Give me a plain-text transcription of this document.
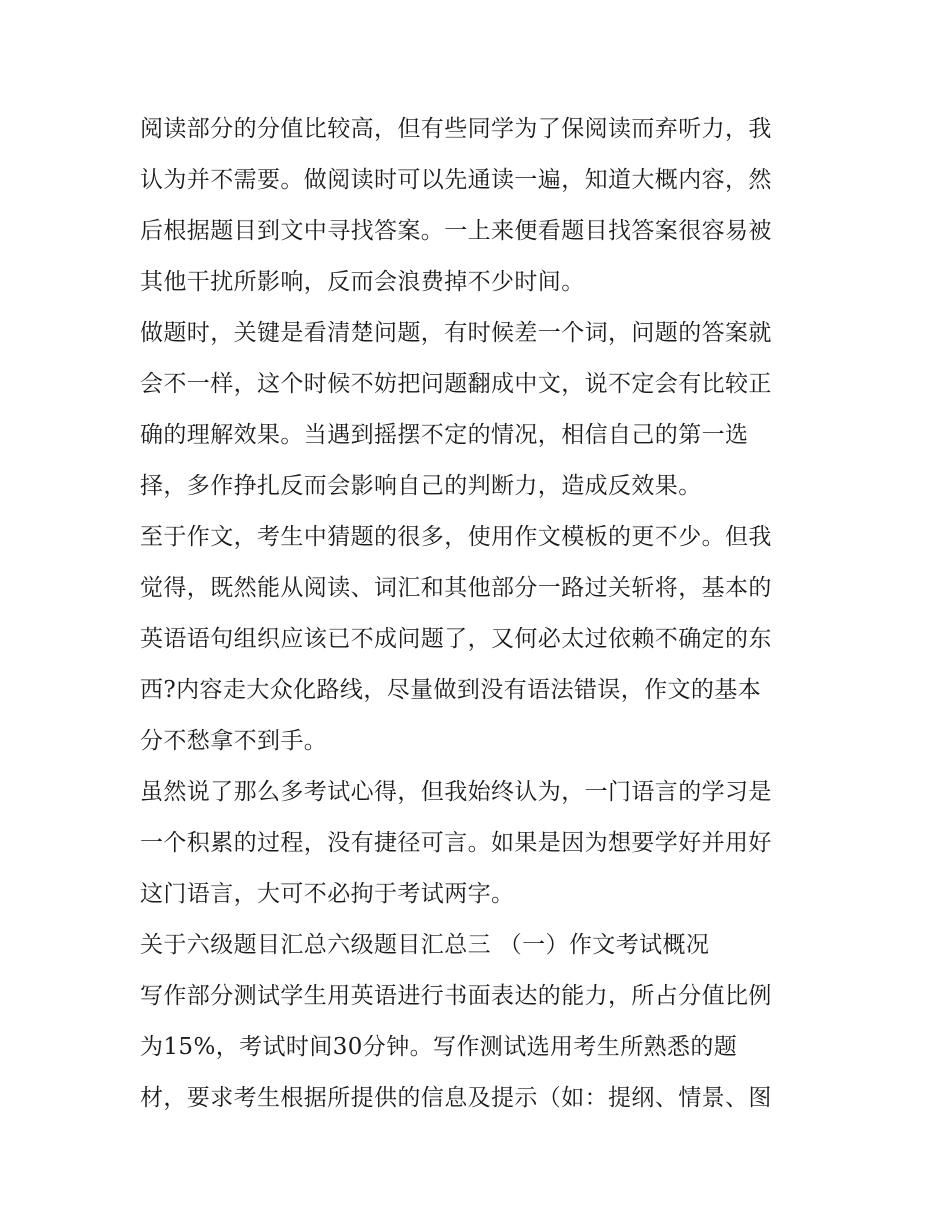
阅读部分的分值比较高，但有些同学为了保阅读而弃听力，我
认为并不需要。做阅读时可以先通读一遍，知道大概内容，然
后根据题目到文中寻找答案。一上来便看题目找答案很容易被
其他干扰所影响，反而会浪费掉不少时间。
做题时，关键是看清楚问题，有时候差一个词，问题的答案就
会不一样，这个时候不妨把问题翻成中文，说不定会有比较正
确的理解效果。当遇到摇摆不定的情况，相信自己的第一选
择，多作挣扎反而会影响自己的判断力，造成反效果。
至于作文，考生中猜题的很多，使用作文模板的更不少。但我
觉得，既然能从阅读、词汇和其他部分一路过关斩将，基本的
英语语句组织应该已不成问题了，又何必太过依赖不确定的东
西?内容走大众化路线，尽量做到没有语法错误，作文的基本
分不愁拿不到手。
虽然说了那么多考试心得，但我始终认为，一门语言的学习是
一个积累的过程，没有捷径可言。如果是因为想要学好并用好
这门语言，大可不必拘于考试两字。
关于六级题目汇总六级题目汇总三 （一）作文考试概况
写作部分测试学生用英语进行书面表达的能力，所占分值比例
为15%，考试时间30分钟。写作测试选用考生所熟悉的题
材，要求考生根据所提供的信息及提示（如：提纲、情景、图
